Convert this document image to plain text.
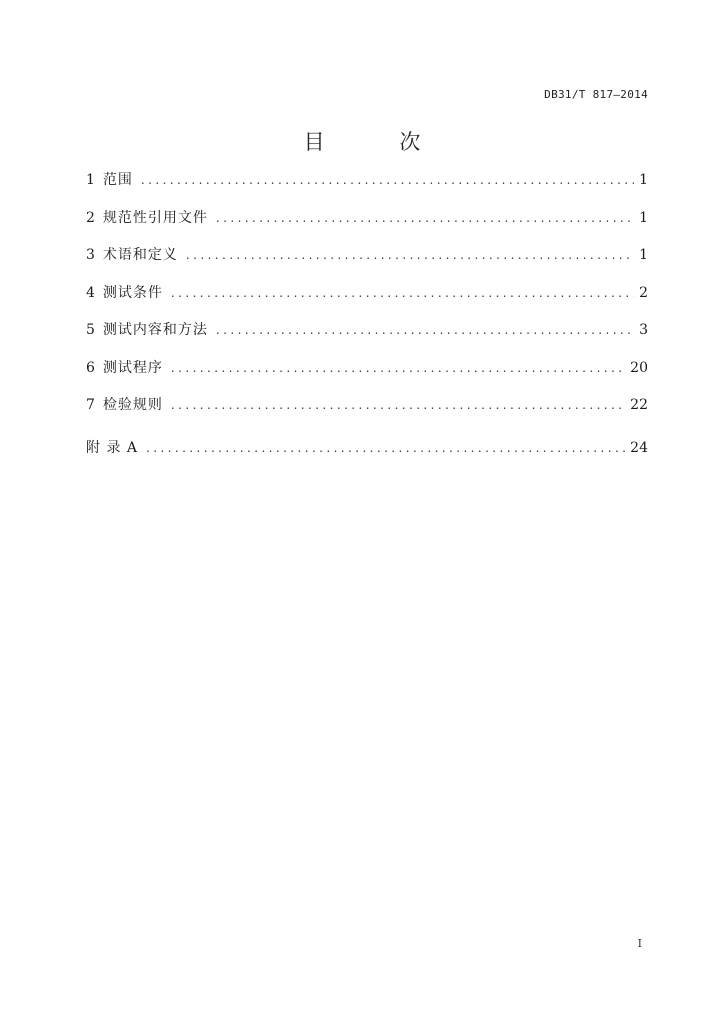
DB31/T 817—2014
目 次
1 范围 .....	1
2 规范性引用文件 .....	1
3 术语和定义 .....	1
4 测试条件 .....	2
5 测试内容和方法 .....	3
6 测试程序 .....	20
7 检验规则 .....	22
附 录 A .....	24
I
